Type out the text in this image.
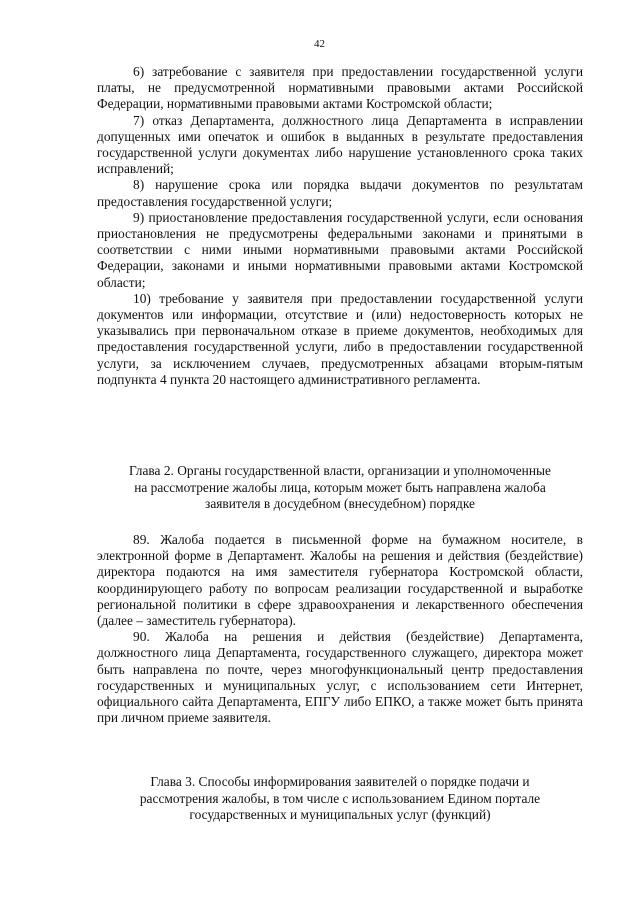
42

6) затребование с заявителя при предоставлении государственной услуги платы, не предусмотренной нормативными правовыми актами Российской Федерации, нормативными правовыми актами Костромской области;

7) отказ Департамента, должностного лица Департамента в исправлении допущенных ими опечаток и ошибок в выданных в результате предоставления государственной услуги документах либо нарушение установленного срока таких исправлений;

8) нарушение срока или порядка выдачи документов по результатам предоставления государственной услуги;

9) приостановление предоставления государственной услуги, если основания приостановления не предусмотрены федеральными законами и принятыми в соответствии с ними иными нормативными правовыми актами Российской Федерации, законами и иными нормативными правовыми актами Костромской области;

10) требование у заявителя при предоставлении государственной услуги документов или информации, отсутствие и (или) недостоверность которых не указывались при первоначальном отказе в приеме документов, необходимых для предоставления государственной услуги, либо в предоставлении государственной услуги, за исключением случаев, предусмотренных абзацами вторым-пятым подпункта 4 пункта 20 настоящего административного регламента.

Глава 2. Органы государственной власти, организации и уполномоченные
на рассмотрение жалобы лица, которым может быть направлена жалоба
заявителя в досудебном (внесудебном) порядке

89. Жалоба подается в письменной форме на бумажном носителе, в электронной форме в Департамент. Жалобы на решения и действия (бездействие) директора подаются на имя заместителя губернатора Костромской области, координирующего работу по вопросам реализации государственной и выработке региональной политики в сфере здравоохранения и лекарственного обеспечения (далее – заместитель губернатора).

90. Жалоба на решения и действия (бездействие) Департамента, должностного лица Департамента, государственного служащего, директора может быть направлена по почте, через многофункциональный центр предоставления государственных и муниципальных услуг, с использованием сети Интернет, официального сайта Департамента, ЕПГУ либо ЕПКО, а также может быть принята при личном приеме заявителя.

Глава 3. Способы информирования заявителей о порядке подачи и
рассмотрения жалобы, в том числе с использованием Едином портале
государственных и муниципальных услуг (функций)
